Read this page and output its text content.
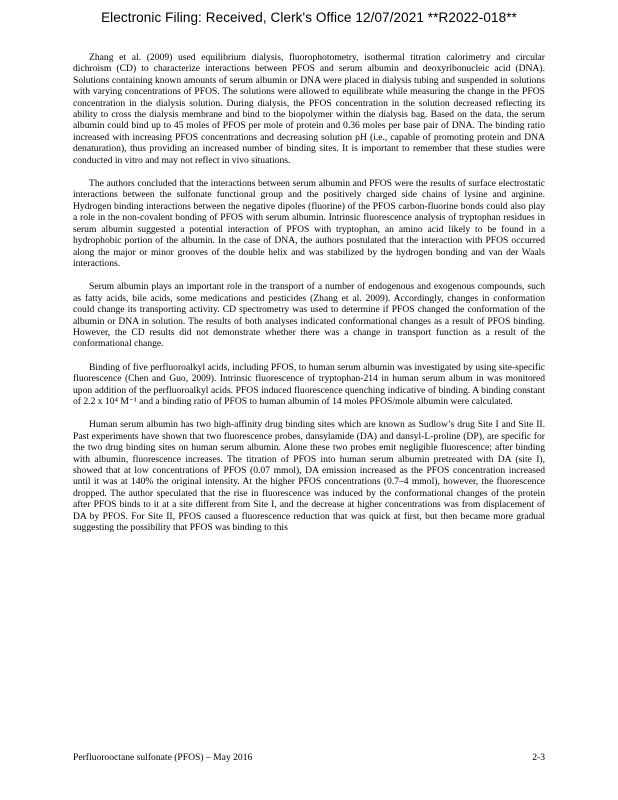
Electronic Filing: Received, Clerk's Office 12/07/2021 **R2022-018**

Zhang et al. (2009) used equilibrium dialysis, fluorophotometry, isothermal titration calorimetry and circular dichroism (CD) to characterize interactions between PFOS and serum albumin and deoxyribonucleic acid (DNA). Solutions containing known amounts of serum albumin or DNA were placed in dialysis tubing and suspended in solutions with varying concentrations of PFOS. The solutions were allowed to equilibrate while measuring the change in the PFOS concentration in the dialysis solution. During dialysis, the PFOS concentration in the solution decreased reflecting its ability to cross the dialysis membrane and bind to the biopolymer within the dialysis bag. Based on the data, the serum albumin could bind up to 45 moles of PFOS per mole of protein and 0.36 moles per base pair of DNA. The binding ratio increased with increasing PFOS concentrations and decreasing solution pH (i.e., capable of promoting protein and DNA denaturation), thus providing an increased number of binding sites. It is important to remember that these studies were conducted in vitro and may not reflect in vivo situations.

The authors concluded that the interactions between serum albumin and PFOS were the results of surface electrostatic interactions between the sulfonate functional group and the positively charged side chains of lysine and arginine. Hydrogen binding interactions between the negative dipoles (fluorine) of the PFOS carbon-fluorine bonds could also play a role in the non-covalent bonding of PFOS with serum albumin. Intrinsic fluorescence analysis of tryptophan residues in serum albumin suggested a potential interaction of PFOS with tryptophan, an amino acid likely to be found in a hydrophobic portion of the albumin. In the case of DNA, the authors postulated that the interaction with PFOS occurred along the major or minor grooves of the double helix and was stabilized by the hydrogen bonding and van der Waals interactions.

Serum albumin plays an important role in the transport of a number of endogenous and exogenous compounds, such as fatty acids, bile acids, some medications and pesticides (Zhang et al. 2009). Accordingly, changes in conformation could change its transporting activity. CD spectrometry was used to determine if PFOS changed the conformation of the albumin or DNA in solution. The results of both analyses indicated conformational changes as a result of PFOS binding. However, the CD results did not demonstrate whether there was a change in transport function as a result of the conformational change.

Binding of five perfluoroalkyl acids, including PFOS, to human serum albumin was investigated by using site-specific fluorescence (Chen and Guo, 2009). Intrinsic fluorescence of tryptophan-214 in human serum album in was monitored upon addition of the perfluoroalkyl acids. PFOS induced fluorescence quenching indicative of binding. A binding constant of 2.2 x 10⁴ M⁻¹ and a binding ratio of PFOS to human albumin of 14 moles PFOS/mole albumin were calculated.

Human serum albumin has two high-affinity drug binding sites which are known as Sudlow’s drug Site I and Site II. Past experiments have shown that two fluorescence probes, dansylamide (DA) and dansyl-L-proline (DP), are specific for the two drug binding sites on human serum albumin. Alone these two probes emit negligible fluorescence; after binding with albumin, fluorescence increases. The titration of PFOS into human serum albumin pretreated with DA (site I), showed that at low concentrations of PFOS (0.07 mmol), DA emission increased as the PFOS concentration increased until it was at 140% the original intensity. At the higher PFOS concentrations (0.7–4 mmol), however, the fluorescence dropped. The author speculated that the rise in fluorescence was induced by the conformational changes of the protein after PFOS binds to it at a site different from Site I, and the decrease at higher concentrations was from displacement of DA by PFOS. For Site II, PFOS caused a fluorescence reduction that was quick at first, but then became more gradual suggesting the possibility that PFOS was binding to this

Perfluorooctane sulfonate (PFOS) – May 2016	2-3
